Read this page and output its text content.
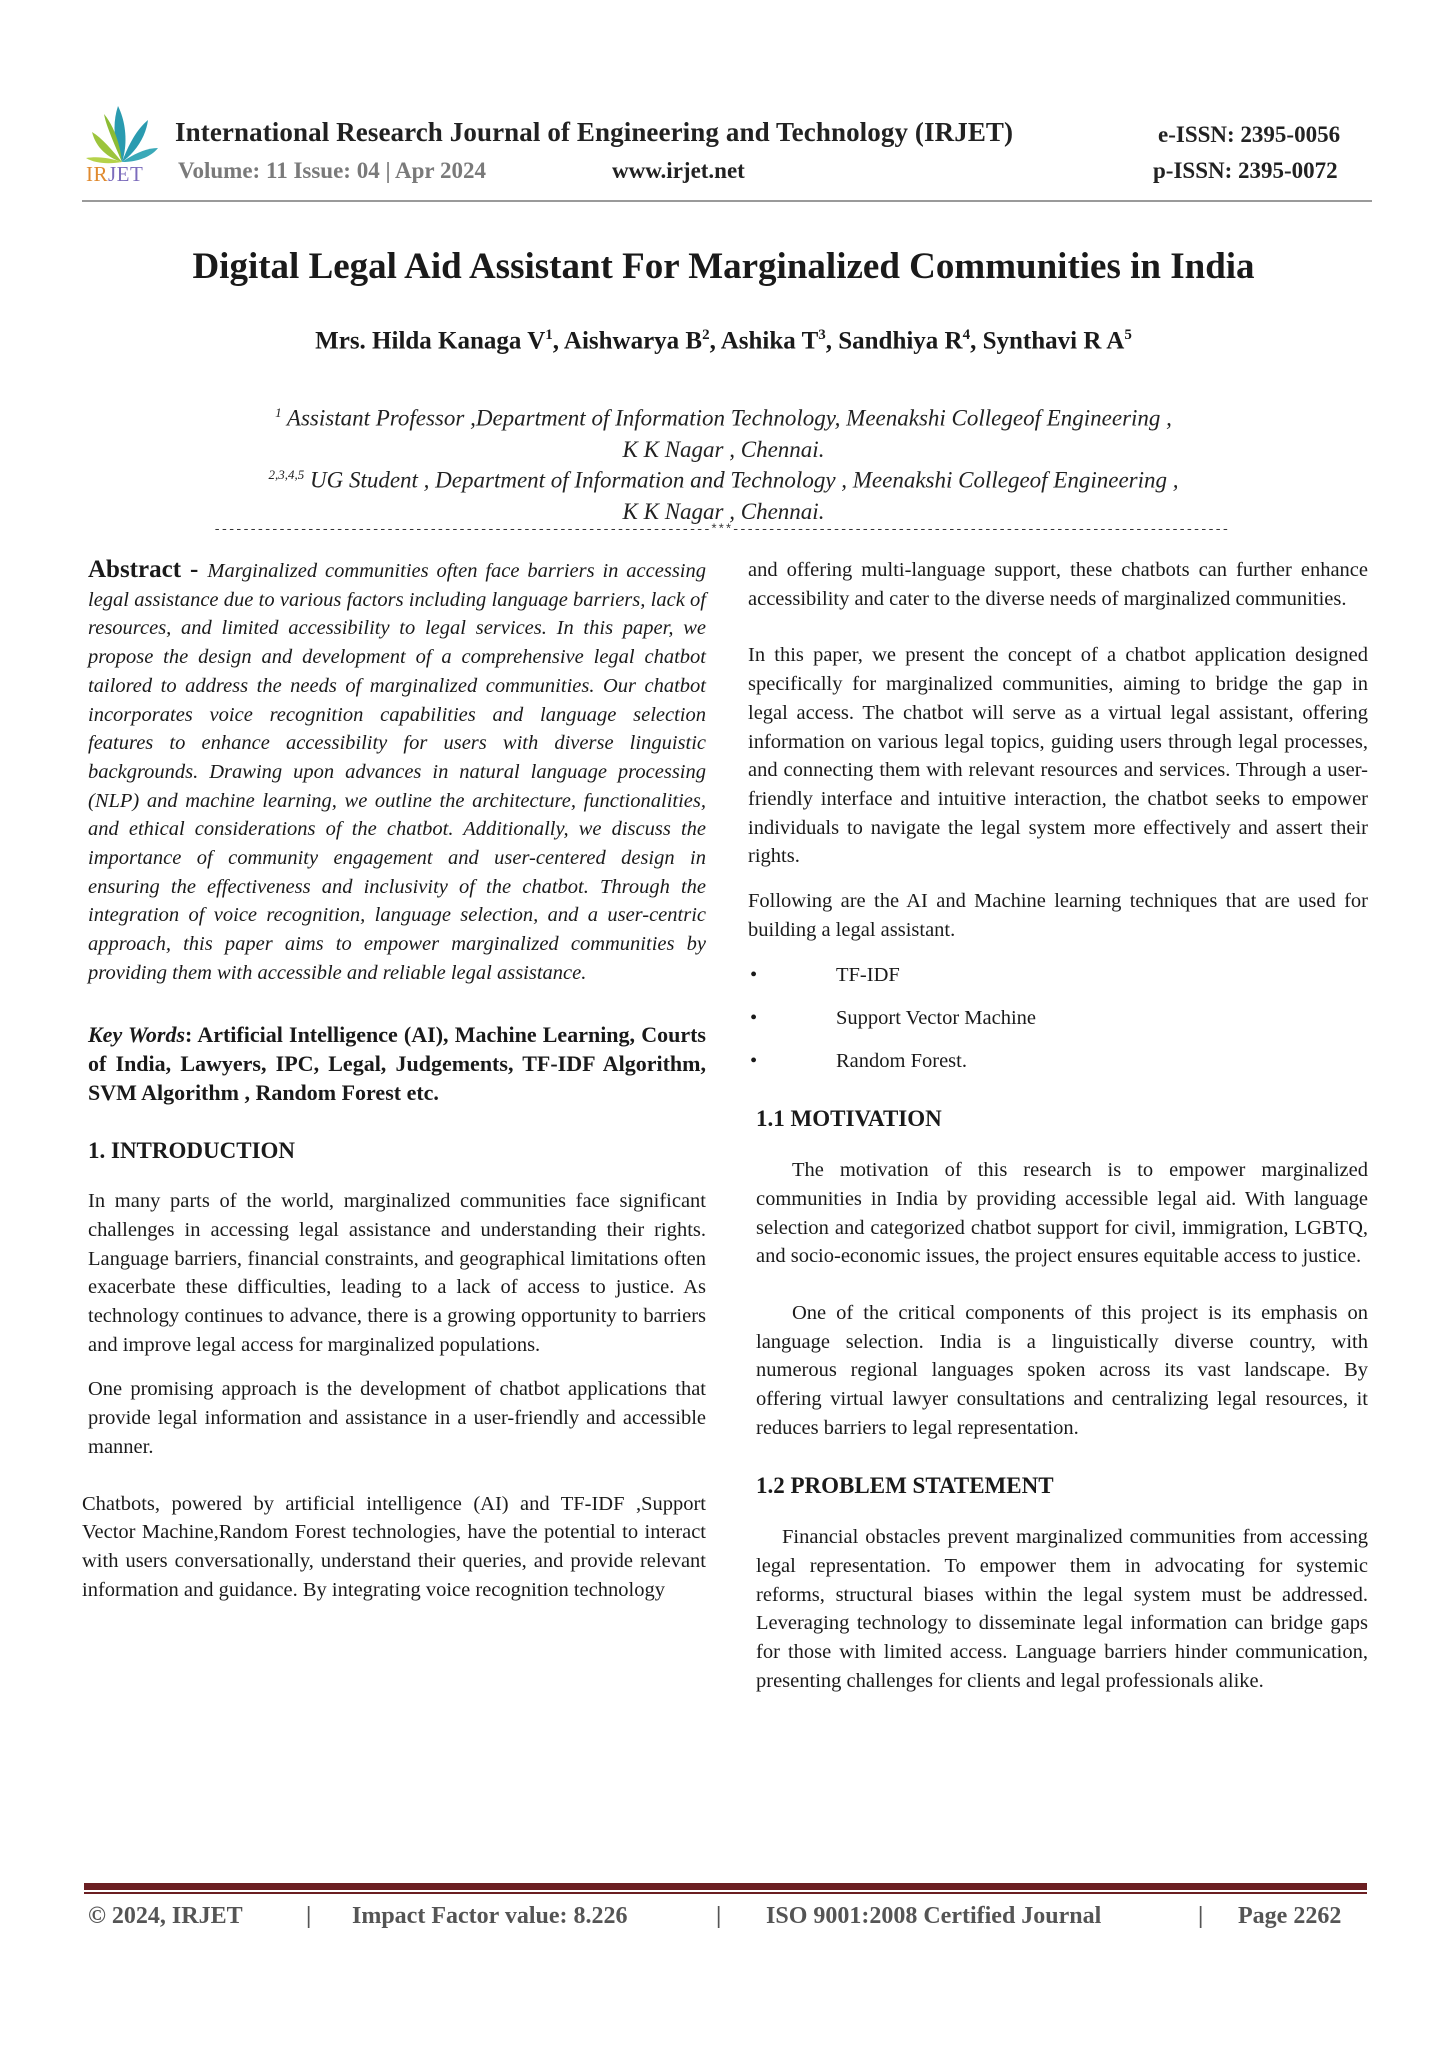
IRJET
International Research Journal of Engineering and Technology (IRJET)
Volume: 11 Issue: 04 | Apr 2024	www.irjet.net
e-ISSN: 2395-0056
p-ISSN: 2395-0072
Digital Legal Aid Assistant For Marginalized Communities in India
Mrs. Hilda Kanaga $V^1$, Aishwarya $B^2$, Ashika $T^3$, Sandhiya $R^4$, Synthavi R $A^5$
$^1$ Assistant Professor ,Department of Information Technology, Meenakshi Collegeof Engineering ,
K K Nagar , Chennai.
$^{2,3,4,5}$ UG Student , Department of Information and Technology , Meenakshi Collegeof Engineering ,
K K Nagar , Chennai.
---------------------------------------------------------------------***---------------------------------------------------------------------

Abstract - Marginalized communities often face barriers in accessing legal assistance due to various factors including language barriers, lack of resources, and limited accessibility to legal services. In this paper, we propose the design and development of a comprehensive legal chatbot tailored to address the needs of marginalized communities. Our chatbot incorporates voice recognition capabilities and language selection features to enhance accessibility for users with diverse linguistic backgrounds. Drawing upon advances in natural language processing (NLP) and machine learning, we outline the architecture, functionalities, and ethical considerations of the chatbot. Additionally, we discuss the importance of community engagement and user-centered design in ensuring the effectiveness and inclusivity of the chatbot. Through the integration of voice recognition, language selection, and a user-centric approach, this paper aims to empower marginalized communities by providing them with accessible and reliable legal assistance.

Key Words: Artificial Intelligence (AI), Machine Learning, Courts of India, Lawyers, IPC, Legal, Judgements, TF-IDF Algorithm, SVM Algorithm , Random Forest etc.

1. INTRODUCTION

In many parts of the world, marginalized communities face significant challenges in accessing legal assistance and understanding their rights. Language barriers, financial constraints, and geographical limitations often exacerbate these difficulties, leading to a lack of access to justice. As technology continues to advance, there is a growing opportunity to barriers and improve legal access for marginalized populations.

One promising approach is the development of chatbot applications that provide legal information and assistance in a user-friendly and accessible manner.

Chatbots, powered by artificial intelligence (AI) and TF-IDF ,Support Vector Machine,Random Forest technologies, have the potential to interact with users conversationally, understand their queries, and provide relevant information and guidance. By integrating voice recognition technology

and offering multi-language support, these chatbots can further enhance accessibility and cater to the diverse needs of marginalized communities.

In this paper, we present the concept of a chatbot application designed specifically for marginalized communities, aiming to bridge the gap in legal access. The chatbot will serve as a virtual legal assistant, offering information on various legal topics, guiding users through legal processes, and connecting them with relevant resources and services. Through a user-friendly interface and intuitive interaction, the chatbot seeks to empower individuals to navigate the legal system more effectively and assert their rights.

Following are the AI and Machine learning techniques that are used for building a legal assistant.

• TF-IDF
• Support Vector Machine
• Random Forest.

1.1 MOTIVATION

The motivation of this research is to empower marginalized communities in India by providing accessible legal aid. With language selection and categorized chatbot support for civil, immigration, LGBTQ, and socio-economic issues, the project ensures equitable access to justice.

One of the critical components of this project is its emphasis on language selection. India is a linguistically diverse country, with numerous regional languages spoken across its vast landscape. By offering virtual lawyer consultations and centralizing legal resources, it reduces barriers to legal representation.

1.2 PROBLEM STATEMENT

Financial obstacles prevent marginalized communities from accessing legal representation. To empower them in advocating for systemic reforms, structural biases within the legal system must be addressed. Leveraging technology to disseminate legal information can bridge gaps for those with limited access. Language barriers hinder communication, presenting challenges for clients and legal professionals alike.

© 2024, IRJET	| Impact Factor value: 8.226	| ISO 9001:2008 Certified Journal	| Page 2262
